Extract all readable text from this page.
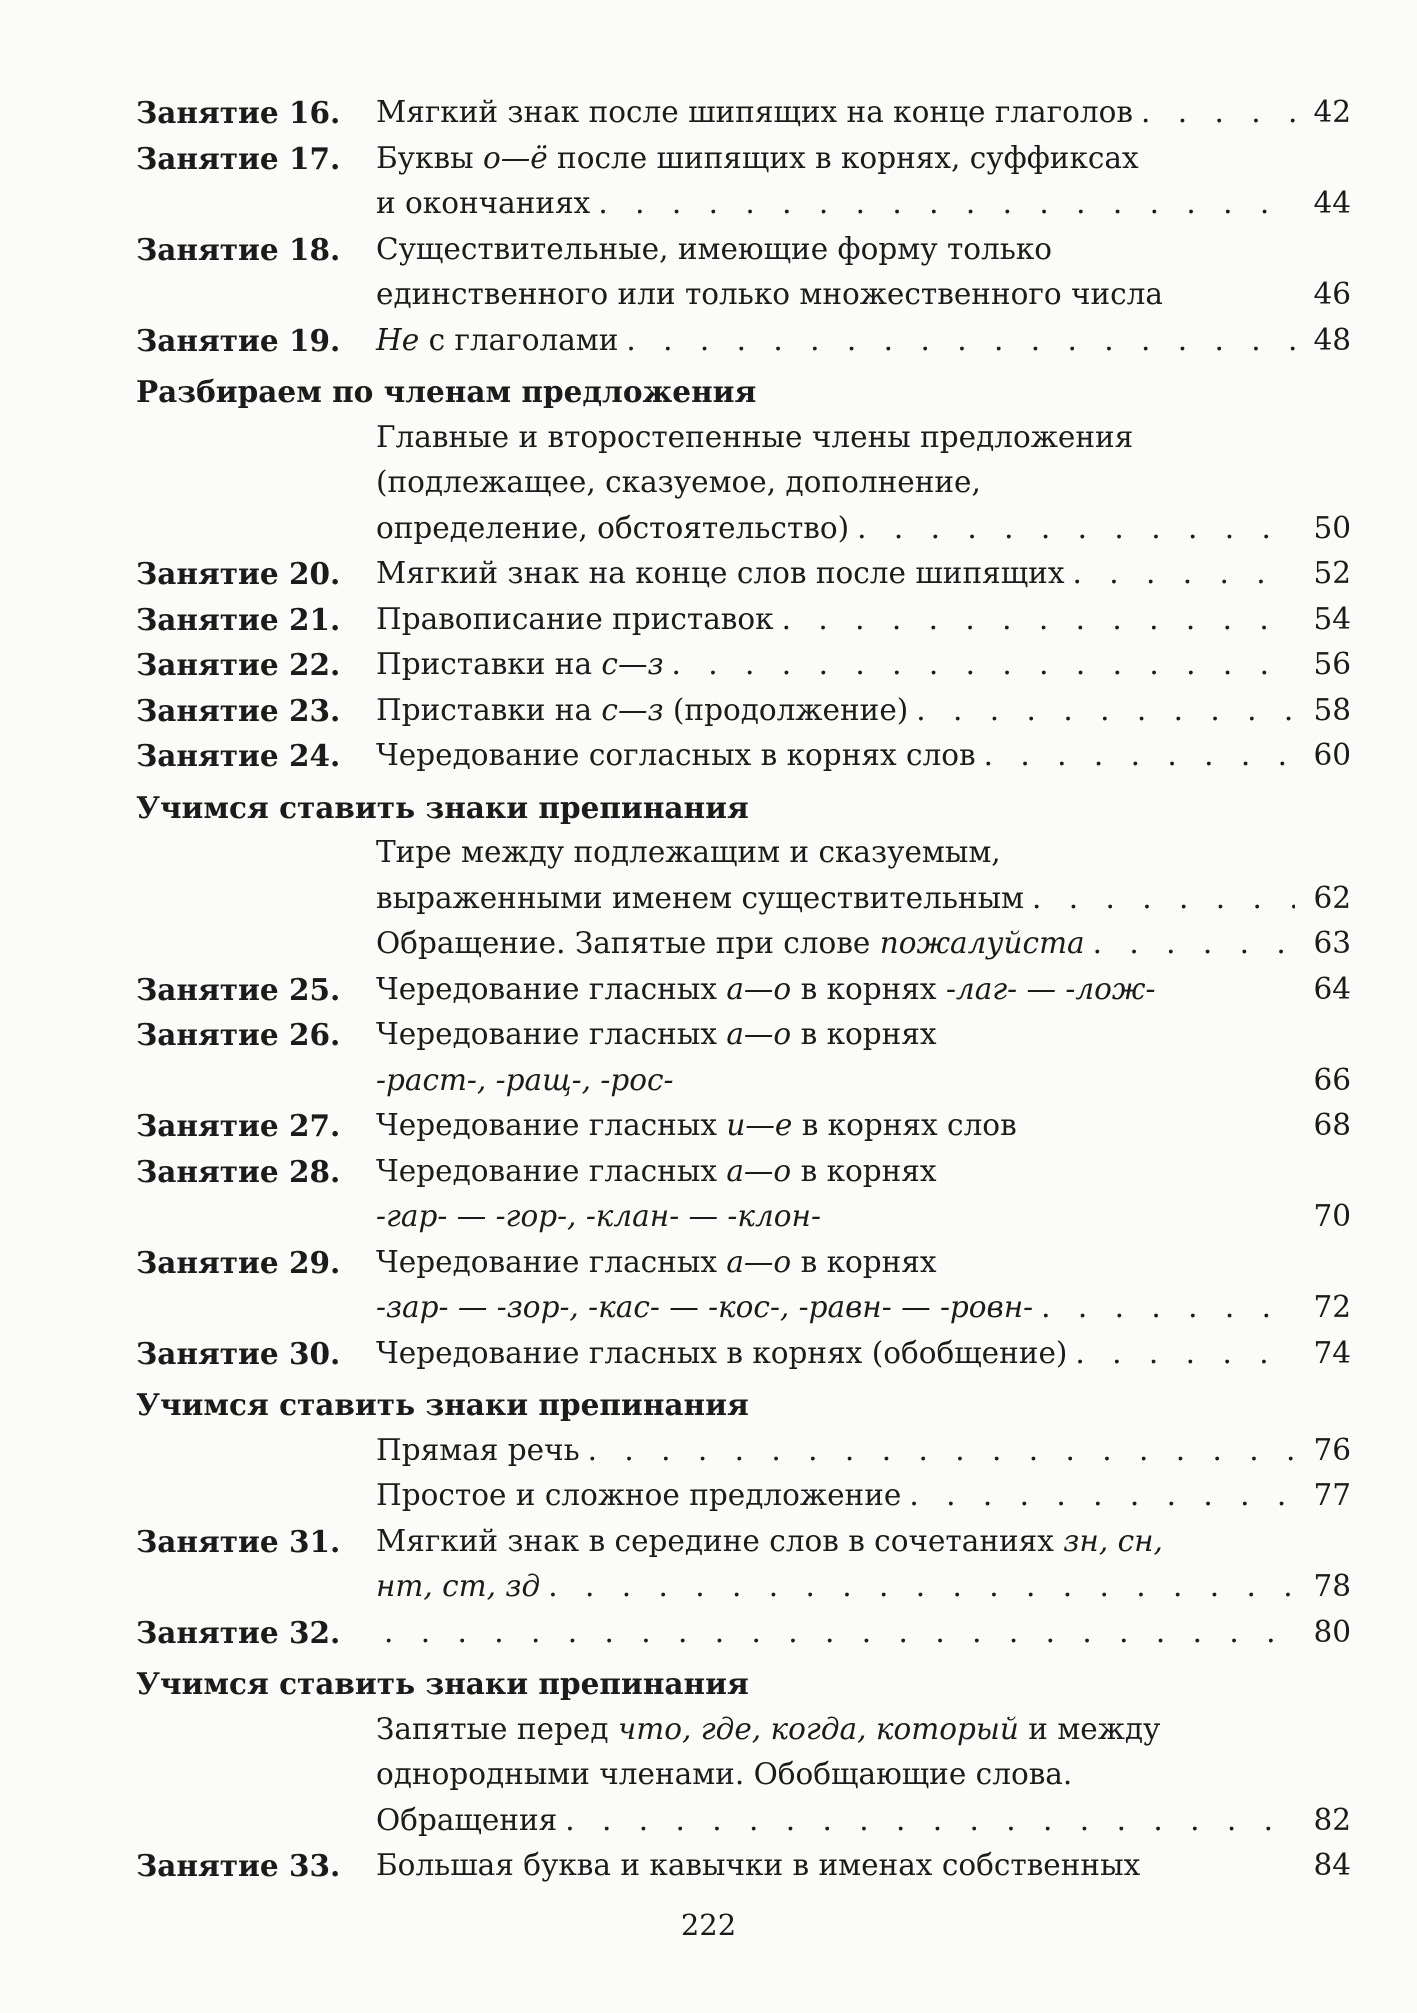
Занятие 16.	Мягкий знак после шипящих на конце глаголов . . .	42
Занятие 17.	Буквы о—ё после шипящих в корнях, суффиксах
и окончаниях . . .	44
Занятие 18.	Существительные, имеющие форму только
единственного или только множественного числа	46
Занятие 19.	Не с глаголами . . .	48
Разбираем по членам предложения
Главные и второстепенные члены предложения
(подлежащее, сказуемое, дополнение,
определение, обстоятельство) . . .	50
Занятие 20.	Мягкий знак на конце слов после шипящих . . .	52
Занятие 21.	Правописание приставок . . .	54
Занятие 22.	Приставки на с—з . . .	56
Занятие 23.	Приставки на с—з (продолжение) . . .	58
Занятие 24.	Чередование согласных в корнях слов . . .	60
Учимся ставить знаки препинания
Тире между подлежащим и сказуемым,
выраженными именем существительным . . .	62
Обращение. Запятые при слове пожалуйста . . .	63
Занятие 25.	Чередование гласных а—о в корнях -лаг- — -лож-	64
Занятие 26.	Чередование гласных а—о в корнях
-раст-, -ращ-, -рос-	66
Занятие 27.	Чередование гласных и—е в корнях слов	68
Занятие 28.	Чередование гласных а—о в корнях
-гар- — -гор-, -клан- — -клон-	70
Занятие 29.	Чередование гласных а—о в корнях
-зар- — -зор-, -кас- — -кос-, -равн- — -ровн- . . .	72
Занятие 30.	Чередование гласных в корнях (обобщение) . . .	74
Учимся ставить знаки препинания
Прямая речь . . .	76
Простое и сложное предложение . . .	77
Занятие 31.	Мягкий знак в середине слов в сочетаниях зн, сн,
нт, ст, зд . . .	78
Занятие 32. . . .	80
Учимся ставить знаки препинания
Запятые перед что, где, когда, который и между
однородными членами. Обобщающие слова.
Обращения . . .	82
Занятие 33.	Большая буква и кавычки в именах собственных	84
222
